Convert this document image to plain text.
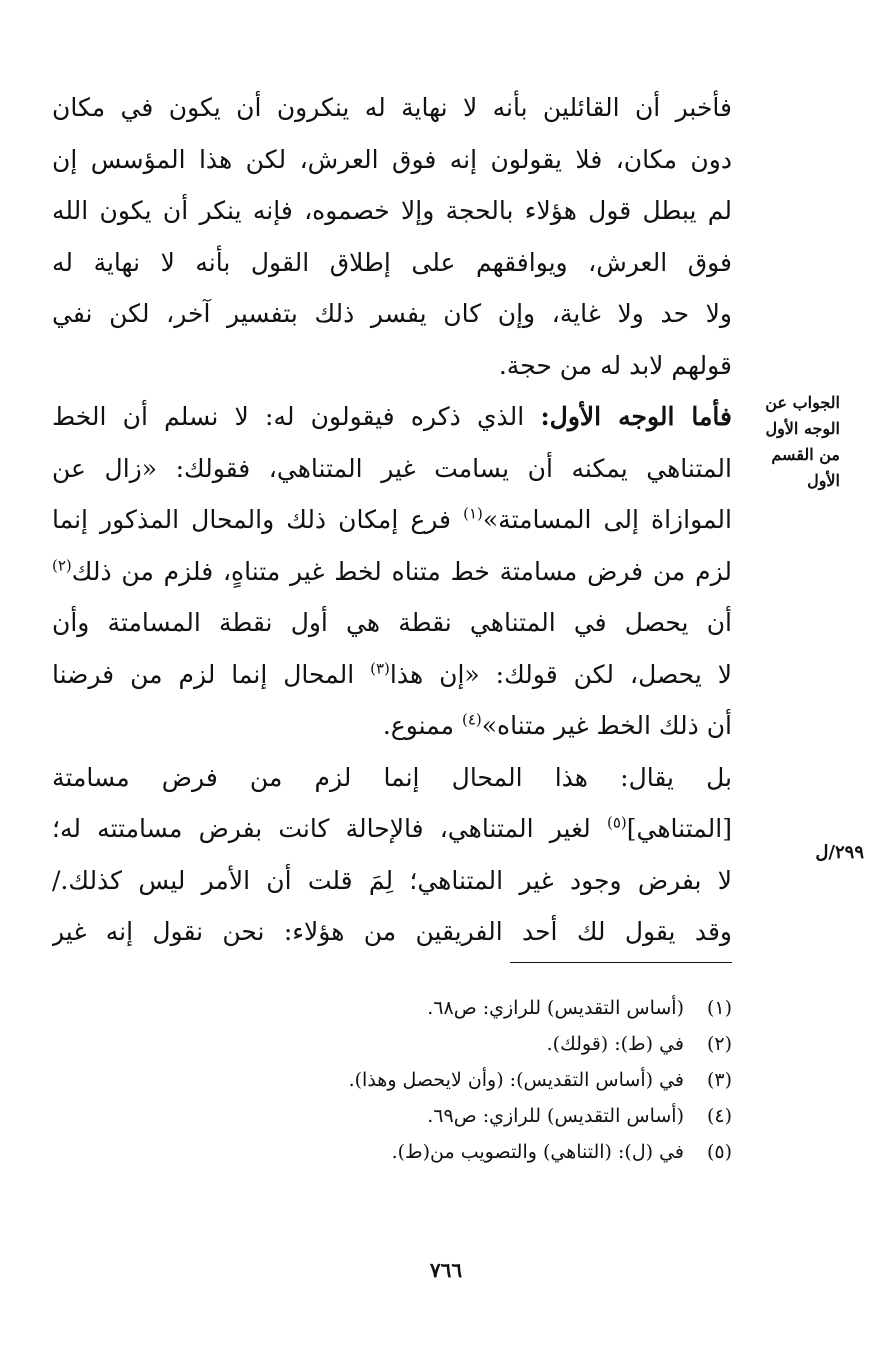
فأخبر أن القائلين بأنه لا نهاية له ينكرون أن يكون في مكان
دون مكان، فلا يقولون إنه فوق العرش، لكن هذا المؤسس إن
لم يبطل قول هؤلاء بالحجة وإلا خصموه، فإنه ينكر أن يكون الله
فوق العرش، ويوافقهم على إطلاق القول بأنه لا نهاية له
ولا حد ولا غاية، وإن كان يفسر ذلك بتفسير آخر، لكن نفي
قولهم لابد له من حجة.
فأما الوجه الأول: الذي ذكره فيقولون له: لا نسلم أن الخط
المتناهي يمكنه أن يسامت غير المتناهي، فقولك: «زال عن
الموازاة إلى المسامتة»$^{(١)}$ فرع إمكان ذلك والمحال المذكور إنما
لزم من فرض مسامتة خط متناه لخط غير متناهٍ، فلزم من ذلك$^{(٢)}$
أن يحصل في المتناهي نقطة هي أول نقطة المسامتة وأن
لا يحصل، لكن قولك: «إن هذا$^{(٣)}$ المحال إنما لزم من فرضنا
أن ذلك الخط غير متناه»$^{(٤)}$ ممنوع.
بل يقال: هذا المحال إنما لزم من فرض مسامتة
[المتناهي]$^{(٥)}$ لغير المتناهي، فالإحالة كانت بفرض مسامتته له؛
لا بفرض وجود غير المتناهي؛ لِمَ قلت أن الأمر ليس كذلك./
وقد يقول لك أحد الفريقين من هؤلاء: نحن نقول إنه غير
الجواب عن
الوجه الأول
من القسم
الأول
٢٩٩/ل
(١)
(أساس التقديس) للرازي: ص٦٨.
(٢)
في (ط): (قولك).
(٣)
في (أساس التقديس): (وأن لايحصل وهذا).
(٤)
(أساس التقديس) للرازي: ص٦٩.
(٥)
في (ل): (التناهي) والتصويب من(ط).
٧٦٦
